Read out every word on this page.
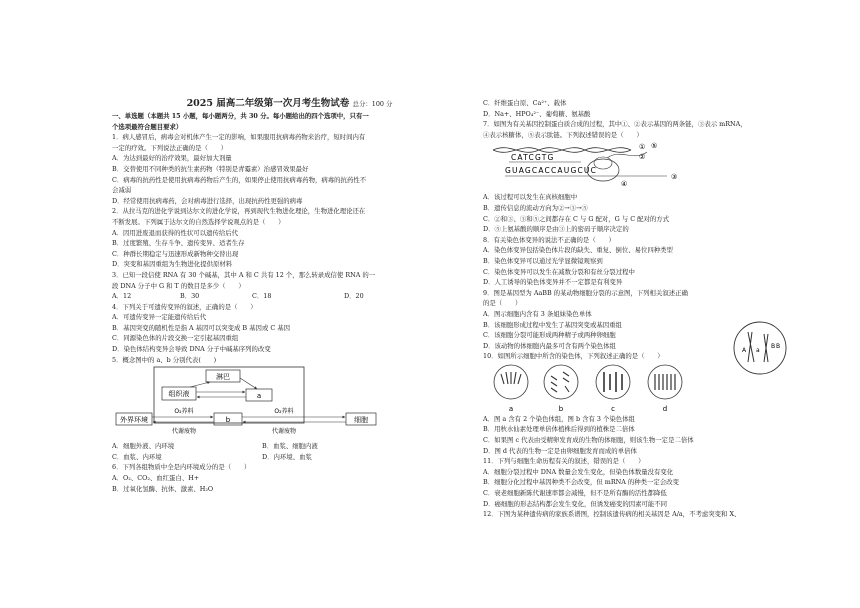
2025 届高二年级第一次月考生物试卷 总分：100 分
一、单选题（本题共 15 小题，每小题两分，共 30 分。每小题给出的四个选项中，只有一
个选项最符合题目要求）
1．病人感冒后，病毒会对机体产生一定的影响，如果服用抗病毒药物来治疗，短时间内有
一定的疗效。下列说法正确的是（　　）
A．为达到最好的治疗效果，最好加大剂量
B．交替使用不同种类的抗生素药物（特别是青霉素）治感冒效果最好
C．病毒的抗药性是使用抗病毒药物后产生的，如果停止使用抗病毒药物，病毒的抗药性不
会减弱
D．经常使用抗病毒药，会对病毒进行选择，出现抗药性更强的病毒
2．从拉马克的进化学说到达尔文的进化学说，再到现代生物进化理论，生物进化理论还在
不断发展。下列属于达尔文的自然选择学说观点的是（　　）
A．因用进废退而获得的性状可以遗传给后代
B．过度繁殖、生存斗争、遗传变异、适者生存
C．种群长期稳定与迅速形成新物种交替出现
D．突变和基因重组为生物进化提供原材料
3．已知一段信使 RNA 有 30 个碱基，其中 A 和 C 共有 12 个，那么转录成信使 RNA 的一
段 DNA 分子中 G 和 T 的数目是多少（　　）
A．12	B．30	C．18	D．20
4．下列关于可遗传变异的叙述，正确的是（　　）
A．可遗传变异一定能遗传给后代
B．基因突变的随机性是指 A 基因可以突变成 B 基因或 C 基因
C．同源染色体的片段交换一定引起基因重组
D．染色体结构变异会导致 DNA 分子中碱基序列的改变
5．概念图中的 a、b 分别代表(　　)
淋巴
组织液	a
外界环境	b	细胞
O₂养料
代谢废物
O₂养料
代谢废物
A．细胞外液、内环境	B．血浆、细胞内液
C．血浆、内环境	D．内环境、血浆
6．下列各组物质中全是内环境成分的是（　　）
A．O₂、CO₂、血红蛋白、H+
B．过氧化氢酶、抗体、激素、H₂O
C．纤维蛋白原、Ca²⁺、载体
D．Na+、HPO₄²⁻、葡萄糖、氨基酸
7．如图为有关基因控制蛋白质合成的过程，其中①、②表示基因的两条链，③表示 mRNA，
④表示核糖体，⑤表示肽链。下列叙述错误的是（　　）
CATCGTG
GUAGCACCAUGCUC
①
②
③
④
⑤
A．该过程可以发生在真核细胞中
B．遗传信息的流动方向为②→③→⑤
C．②和③、③和⑤之间都存在 C 与 G 配对，G 与 C 配对的方式
D．⑤上氨基酸的顺序是由③上的密码子顺序决定的
8．有关染色体变异的说法不正确的是（　　）
A．染色体变异包括染色体片段的缺失、重复、倒位、易位四种类型
B．染色体变异可以通过光学显微镜观察到
C．染色体变异可以发生在减数分裂和有丝分裂过程中
D．人工诱导的染色体变异并不一定都是有利变异
9．图是基因型为 AaBB 的某动物细胞分裂的示意图，下列相关叙述正确
的是（　　）
A．图示细胞内含有 3 条姐妹染色单体
B．该细胞形成过程中发生了基因突变或基因重组
C．该细胞分裂可能形成两种精子或两种卵细胞
D．该动物的体细胞内最多可含有两个染色体组
10．如图所示细胞中所含的染色体，下列叙述正确的是（　　）
a	b	c	d
A．图 a 含有 2 个染色体组，图 b 含有 3 个染色体组
B．用秋水仙素处理单倍体植株后得到的植株是二倍体
C．如果图 c 代表由受精卵发育成的生物的体细胞，则该生物一定是二倍体
D．图 d 代表的生物一定是由卵细胞发育而成的单倍体
11．下列与细胞生命历程有关的叙述，错误的是（　　）
A．细胞分裂过程中 DNA 数量会发生变化，但染色体数量没有变化
B．细胞分化过程中基因种类不会改变，但 mRNA 的种类一定会改变
C．衰老细胞新陈代谢速率都会减慢，但不是所有酶的活性都降低
D．癌细胞的形态结构都会发生变化，但诱发癌变的因素可能不同
12．下图为某种遗传病的家族系谱图，控制该遗传病的相关基因是 A/a，不考虑突变和 X、
A a
B B
